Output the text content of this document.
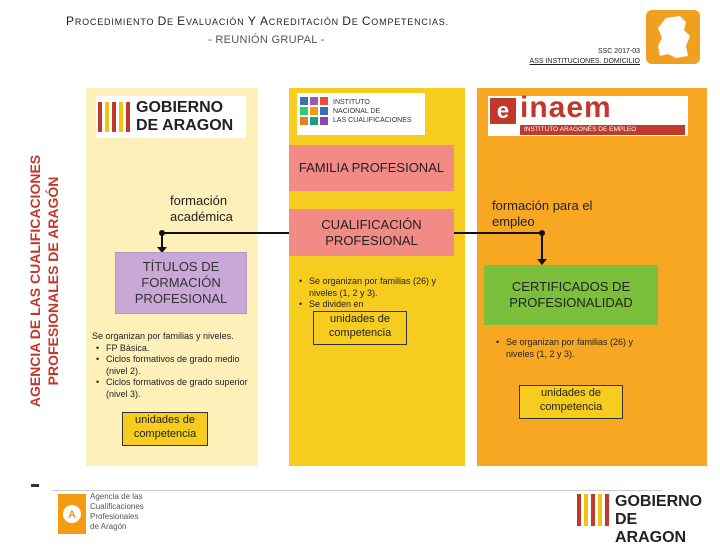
PROCEDIMIENTO DE EVALUACIÓN Y ACREDITACIÓN DE COMPETENCIAS.
- REUNIÓN GRUPAL -
SSC 2017-03
ASS INSTITUCIONES. DOMICILIO
AGENCIA DE LAS CUALIFICACIONES PROFESIONALES DE ARAGÓN
GOBIERNO
DE ARAGON
INSTITUTO
NACIONAL DE
LAS CUALIFICACIONES	e inaem
INSTITUTO ARAGONÉS DE EMPLEO
FAMILIA PROFESIONAL
CUALIFICACIÓN PROFESIONAL
formación académica
TÍTULOS DE FORMACIÓN PROFESIONAL
Se organizan por familias y niveles.
• FP Básica.
• Ciclos formativos de grado medio (nivel 2).
• Ciclos formativos de grado superior (nivel 3).
unidades de competencia
• Se organizan por familias (26) y niveles (1, 2 y 3).
• Se dividen en
unidades de competencia
formación para el empleo
CERTIFICADOS DE PROFESIONALIDAD
• Se organizan por familias (26) y niveles (1, 2 y 3).
unidades de competencia
A
Agencia de las
Cualificaciones
Profesionales
de Aragón
GOBIERNO
DE ARAGON
